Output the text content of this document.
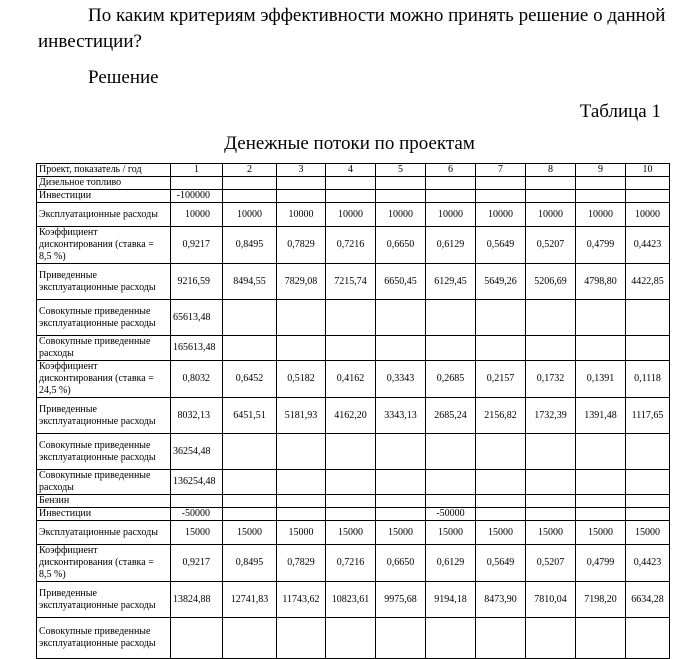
По каким критериям эффективности можно принять решение о данной инвестиции?

Решение

Таблица 1

Денежные потоки по проектам

Проект, показатель / год	1	2	3	4	5	6	7	8	9	10
Дизельное топливо										
Инвестиции	-100000									
Эксплуатационные расходы	10000	10000	10000	10000	10000	10000	10000	10000	10000	10000
Коэффициент дисконтирования (ставка = 8,5 %)	0,9217	0,8495	0,7829	0,7216	0,6650	0,6129	0,5649	0,5207	0,4799	0,4423
Приведенные эксплуатационные расходы	9216,59	8494,55	7829,08	7215,74	6650,45	6129,45	5649,26	5206,69	4798,80	4422,85
Совокупные приведенные эксплуатационные расходы	65613,48									
Совокупные приведенные расходы	165613,48									
Коэффициент дисконтирования (ставка = 24,5 %)	0,8032	0,6452	0,5182	0,4162	0,3343	0,2685	0,2157	0,1732	0,1391	0,1118
Приведенные эксплуатационные расходы	8032,13	6451,51	5181,93	4162,20	3343,13	2685,24	2156,82	1732,39	1391,48	1117,65
Совокупные приведенные эксплуатационные расходы	36254,48									
Совокупные приведенные расходы	136254,48									
Бензин										
Инвестиции	-50000					-50000				
Эксплуатационные расходы	15000	15000	15000	15000	15000	15000	15000	15000	15000	15000
Коэффициент дисконтирования (ставка = 8,5 %)	0,9217	0,8495	0,7829	0,7216	0,6650	0,6129	0,5649	0,5207	0,4799	0,4423
Приведенные эксплуатационные расходы	13824,88	12741,83	11743,62	10823,61	9975,68	9194,18	8473,90	7810,04	7198,20	6634,28
Совокупные приведенные эксплуатационные расходы										
